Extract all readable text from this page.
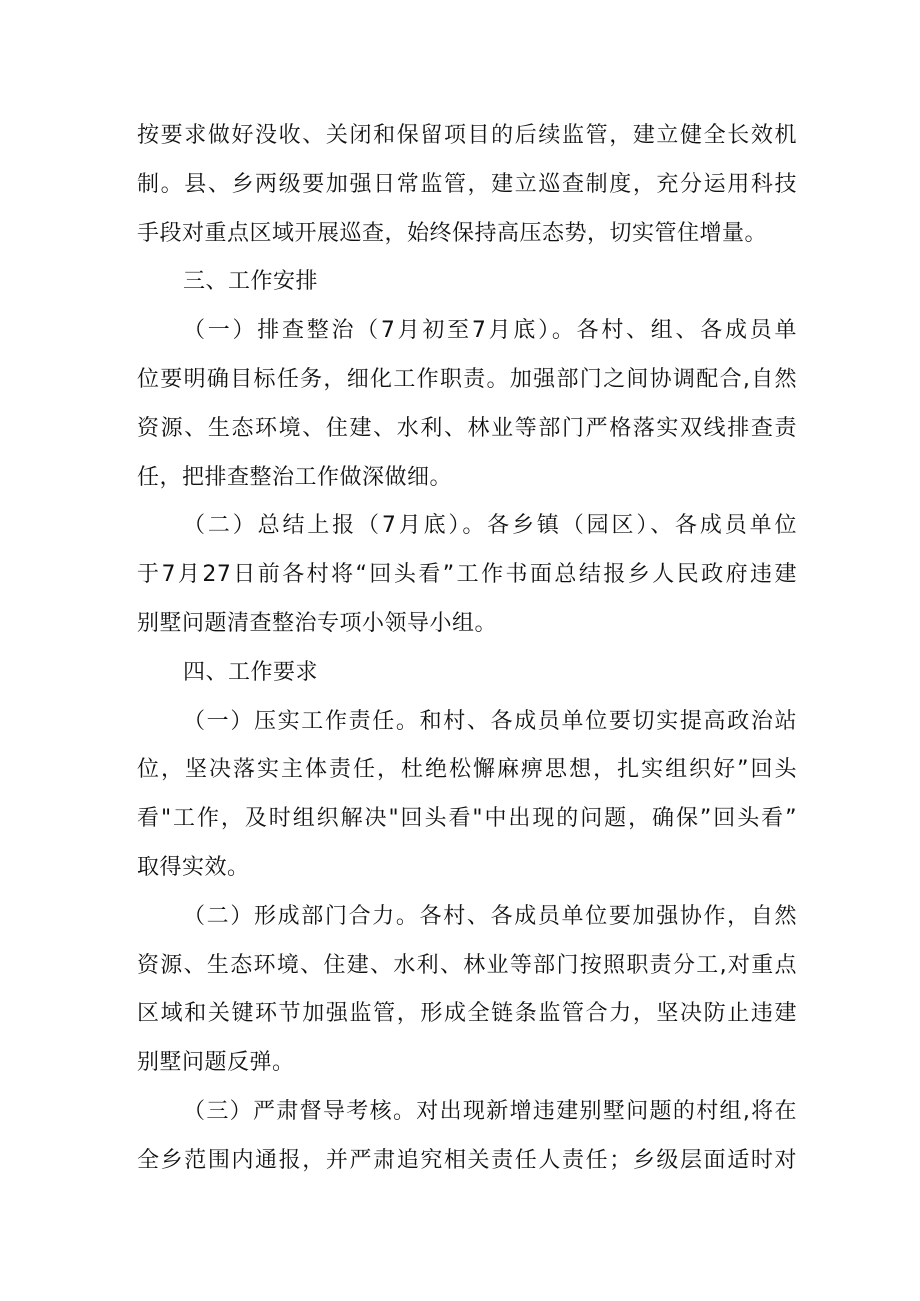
按要求做好没收、关闭和保留项目的后续监管，建立健全长效机
制。县、乡两级要加强日常监管，建立巡查制度，充分运用科技
手段对重点区域开展巡查，始终保持高压态势，切实管住增量。
三、工作安排
（一）排查整治（7月初至7月底）。各村、组、各成员单
位要明确目标任务，细化工作职责。加强部门之间协调配合,自然
资源、生态环境、住建、水利、林业等部门严格落实双线排查责
任，把排查整治工作做深做细。
（二）总结上报（7月底）。各乡镇（园区）、各成员单位
于7月27日前各村将“回头看”工作书面总结报乡人民政府违建
别墅问题清查整治专项小领导小组。
四、工作要求
（一）压实工作责任。和村、各成员单位要切实提高政治站
位，坚决落实主体责任，杜绝松懈麻痹思想，扎实组织好”回头
看"工作，及时组织解决"回头看"中出现的问题，确保”回头看”
取得实效。
（二）形成部门合力。各村、各成员单位要加强协作，自然
资源、生态环境、住建、水利、林业等部门按照职责分工,对重点
区域和关键环节加强监管，形成全链条监管合力，坚决防止违建
别墅问题反弹。
（三）严肃督导考核。对出现新增违建别墅问题的村组,将在
全乡范围内通报，并严肃追究相关责任人责任；乡级层面适时对
